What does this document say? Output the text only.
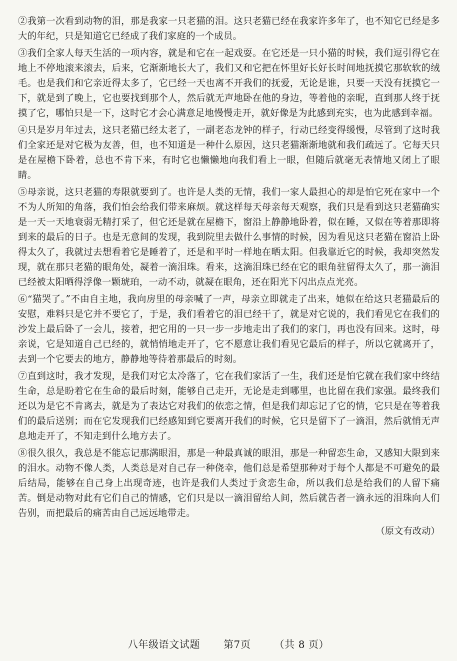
②我第一次看到动物的泪，那是我家一只老猫的泪。这只老猫已经在我家许多年了，也不知它已经是多大的年纪，只是知道它已经成了我们家庭的一个成员。

③我们全家人每天生活的一项内容，就是和它在一起戏耍。在它还是一只小猫的时候，我们逗引得它在地上不停地滚来滚去，后来，它渐渐地长大了，我们又和它把在怀里好长好长时间地抚摸它那软软的绒毛。也是我们和它亲近得太多了，它已经一天也离不开我们的抚爱，无论是谁，只要一天没有抚摸它一下，就是到了晚上，它也要找到那个人，然后就无声地卧在他的身边，等着他的亲昵，直到那人终于抚摸了它，哪怕只是一下，这时它才会心满意足地慢慢走开，就好像是为此感到充实，也为此感到幸福。

④只是岁月年过去，这只老猫已经太老了，一副老态龙钟的样子，行动已经变得缓慢，尽管到了这时我们全家还是对它极为友善，但，也不知道是一种什么原因，这只老猫渐渐地就和我们疏远了。它每天只是在屋檐下卧着，总也不肯下来，有时它也懒懒地向我们看上一眼，但随后就毫无表情地又闭上了眼睛。

⑤母亲说，这只老猫的寿限就要到了。也许是人类的无情，我们一家人最担心的却是怕它死在家中一个不为人所知的角落，我们怕会给我们带来麻烦。就这样每天母亲每天观察，我们只是看到这只老猫确实是一天一天地衰弱无精打采了，但它还是就在屋檐下，窗沿上静静地卧着，似在睡，又似在等着那即将到来的最后的日子。也是无意间的发现，我到院里去做什么事情的时候，因为看见这只老猫在窗沿上卧得太久了，我就过去想看着它是睡着了，还是和平时一样地在晒太阳。但我靠近它的时候，我却突然发现，就在那只老猫的眼角处，凝着一滴泪珠。看来，这滴泪珠已经在它的眼角驻留得太久了，那一滴泪已经被太阳晒得浮像一颗琥珀，一动不动，就凝在眼角，还在阳光下闪出点点光亮。

⑥“猫哭了。”不由自主地，我向房里的母亲喊了一声，母亲立即就走了出来，她似在给这只老猫最后的安慰，难料只是它并不要它了，于是，我们看着它的泪已经干了，就是对它说的，我们看见它在我们的沙发上最后卧了一会儿，接着，把它用的一只一步一步地走出了我们的家门，再也没有回来。这时，母亲说，它是知道自己已经的，就悄悄地走开了，它不愿意让我们看见它最后的样子，所以它就离开了，去到一个它要去的地方，静静地等待着那最后的时刻。

⑦直到这时，我才发现，是我们对它太冷落了，它在我们家活了一生，我们还是怕它就在我们家中终结生命，总是盼着它在生命的最后时刻，能够自己走开，无论是走到哪里，也比留在我们家强。最终我们还以为是它不肯离去，就是为了表达它对我们的依恋之情，但是我们却忘记了它的情，它只是在等着我们的最后送别；而在它发现我们已经感知到它要离开我们的时候，它只是留下了一滴泪，然后就悄无声息地走开了，不知走到什么地方去了。

⑧很久很久，我总是不能忘记那满眼泪，那是一种最真诚的眼泪，那是一种留恋生命，又感知大限到来的泪水。动物不像人类，人类总是对自己存一种侥幸，他们总是希望那种对于每个人都是不可避免的最后结局，能够在自己身上出现奇迹，也许是我们人类过于贪恋生命，所以我们总是给我们的人留下痛苦。倒是动物对此有它们自己的情感，它们只是以一滴泪留给人间，然后就告者一滴永远的泪珠向人们告别，而把最后的痛苦由自己远远地带走。

（原文有改动）
八年级语文试题 第7页 （共 8 页）
